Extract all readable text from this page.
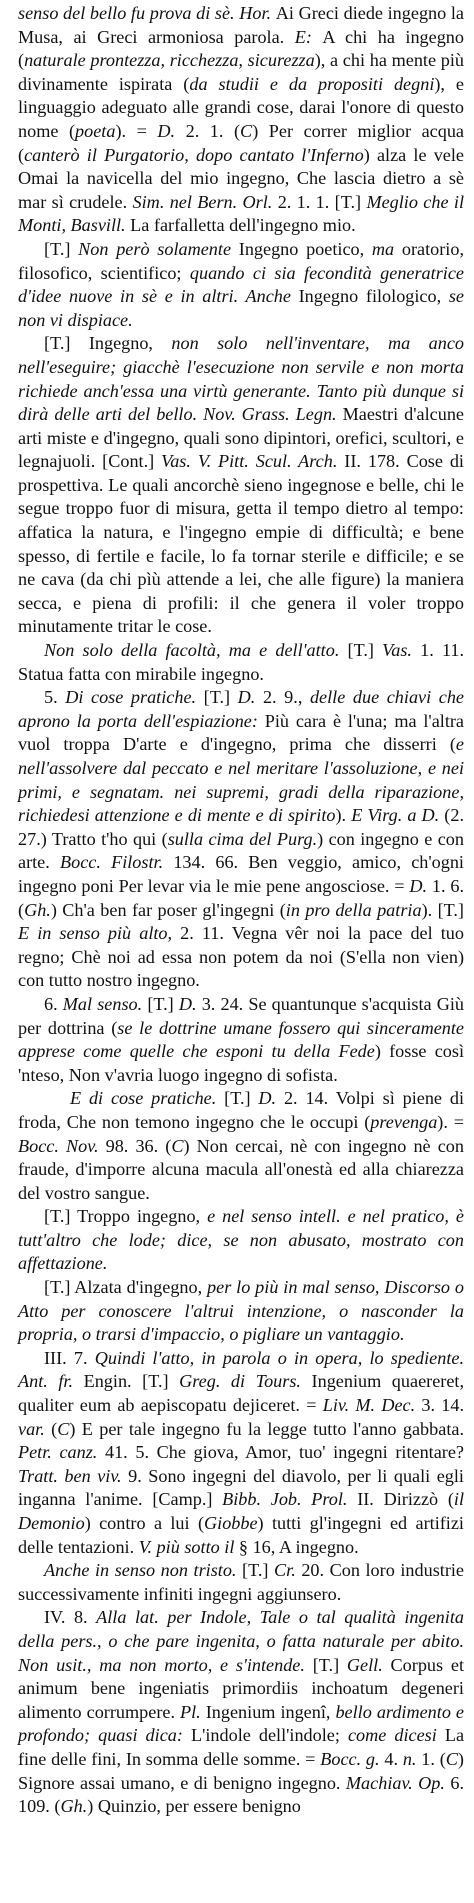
senso del bello fu prova di sè. Hor. Ai Greci diede ingegno la Musa, ai Greci armoniosa parola. E: A chi ha ingegno (naturale prontezza, ricchezza, sicurezza), a chi ha mente più divinamente ispirata (da studii e da propositi degni), e linguaggio adeguato alle grandi cose, darai l'onore di questo nome (poeta). = D. 2. 1. (C) Per correr miglior acqua (canterò il Purgatorio, dopo cantato l'Inferno) alza le vele Omai la navicella del mio ingegno, Che lascia dietro a sè mar sì crudele. Sim. nel Bern. Orl. 2. 1. 1. [T.] Meglio che il Monti, Basvill. La farfalletta dell'ingegno mio.

[T.] Non però solamente Ingegno poetico, ma oratorio, filosofico, scientifico; quando ci sia fecondità generatrice d'idee nuove in sè e in altri. Anche Ingegno filologico, se non vi dispiace.

[T.] Ingegno, non solo nell'inventare, ma anco nell'eseguire; giacchè l'esecuzione non servile e non morta richiede anch'essa una virtù generante. Tanto più dunque si dirà delle arti del bello. Nov. Grass. Legn. Maestri d'alcune arti miste e d'ingegno, quali sono dipintori, orefici, scultori, e legnajuoli. [Cont.] Vas. V. Pitt. Scul. Arch. II. 178. Cose di prospettiva. Le quali ancorchè sieno ingegnose e belle, chi le segue troppo fuor di misura, getta il tempo dietro al tempo: affatica la natura, e l'ingegno empie di difficultà; e bene spesso, di fertile e facile, lo fa tornar sterile e difficile; e se ne cava (da chi pìù attende a lei, che alle figure) la maniera secca, e piena di profili: il che genera il voler troppo minutamente tritar le cose.

Non solo della facoltà, ma e dell'atto. [T.] Vas. 1. 11. Statua fatta con mirabile ingegno.

5. Di cose pratiche. [T.] D. 2. 9., delle due chiavi che aprono la porta dell'espiazione: Più cara è l'una; ma l'altra vuol troppa D'arte e d'ingegno, prima che disserri (e nell'assolvere dal peccato e nel meritare l'assoluzione, e nei primi, e segnatam. nei supremi, gradi della riparazione, richiedesi attenzione e di mente e di spirito). E Virg. a D. (2. 27.) Tratto t'ho qui (sulla cima del Purg.) con ingegno e con arte. Bocc. Filostr. 134. 66. Ben veggio, amico, ch'ogni ingegno poni Per levar via le mie pene angosciose. = D. 1. 6. (Gh.) Ch'a ben far poser gl'ingegni (in pro della patria). [T.] E in senso più alto, 2. 11. Vegna vêr noi la pace del tuo regno; Chè noi ad essa non potem da noi (S'ella non vien) con tutto nostro ingegno.

6. Mal senso. [T.] D. 3. 24. Se quantunque s'acquista Giù per dottrina (se le dottrine umane fossero qui sinceramente apprese come quelle che esponi tu della Fede) fosse così 'nteso, Non v'avria luogo ingegno di sofista.

E di cose pratiche. [T.] D. 2. 14. Volpi sì piene di froda, Che non temono ingegno che le occupi (prevenga). = Bocc. Nov. 98. 36. (C) Non cercai, nè con ingegno nè con fraude, d'imporre alcuna macula all'onestà ed alla chiarezza del vostro sangue.

[T.] Troppo ingegno, e nel senso intell. e nel pratico, è tutt'altro che lode; dice, se non abusato, mostrato con affettazione.

[T.] Alzata d'ingegno, per lo più in mal senso, Discorso o Atto per conoscere l'altrui intenzione, o nasconder la propria, o trarsi d'impaccio, o pigliare un vantaggio.

III. 7. Quindi l'atto, in parola o in opera, lo spediente. Ant. fr. Engin. [T.] Greg. di Tours. Ingenium quaereret, qualiter eum ab aepiscopatu dejiceret. = Liv. M. Dec. 3. 14. var. (C) E per tale ingegno fu la legge tutto l'anno gabbata. Petr. canz. 41. 5. Che giova, Amor, tuo' ingegni ritentare? Tratt. ben viv. 9. Sono ingegni del diavolo, per li quali egli inganna l'anime. [Camp.] Bibb. Job. Prol. II. Dirizzò (il Demonio) contro a lui (Giobbe) tutti gl'ingegni ed artifizi delle tentazioni. V. più sotto il § 16, A ingegno.

Anche in senso non tristo. [T.] Cr. 20. Con loro industrie successivamente infiniti ingegni aggiunsero.

IV. 8. Alla lat. per Indole, Tale o tal qualità ingenita della pers., o che pare ingenita, o fatta naturale per abito. Non usit., ma non morto, e s'intende. [T.] Gell. Corpus et animum bene ingeniatis primordiis inchoatum degeneri alimento corrumpere. Pl. Ingenium ingenî, bello ardimento e profondo; quasi dica: L'indole dell'indole; come dicesi La fine delle fini, In somma delle somme. = Bocc. g. 4. n. 1. (C) Signore assai umano, e di benigno ingegno. Machiav. Op. 6. 109. (Gh.) Quinzio, per essere benigno
